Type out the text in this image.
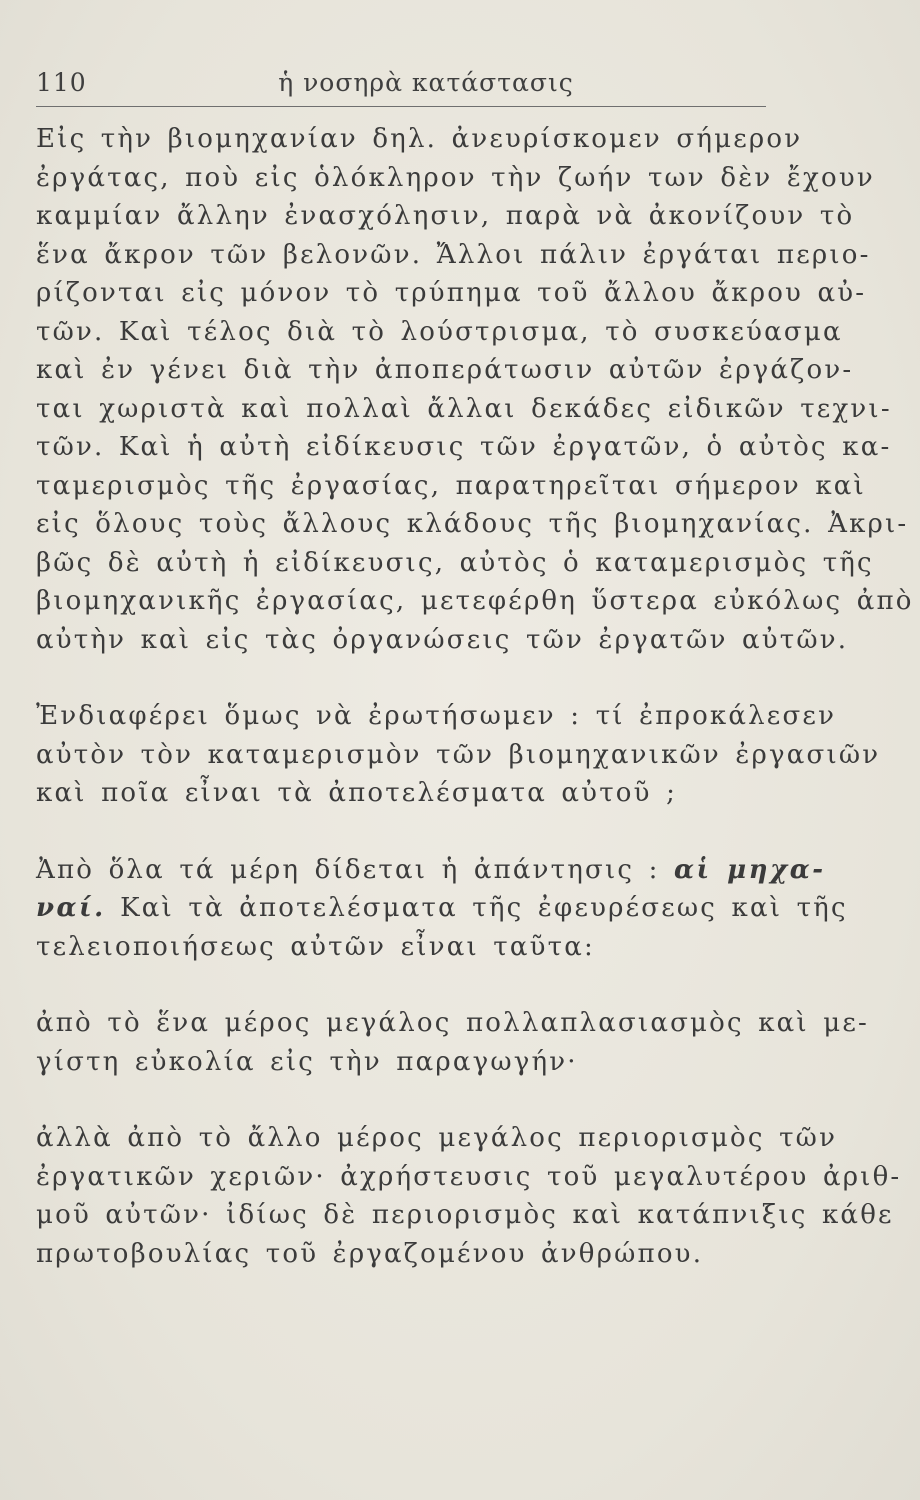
110	ἡ νοσηρὰ κατάστασις

Εἰς τὴν βιομηχανίαν δηλ. ἀνευρίσκομεν σήμερον
ἐργάτας, ποὺ εἰς ὁλόκληρον τὴν ζωήν των δὲν ἔχουν
καμμίαν ἄλλην ἐνασχόλησιν, παρὰ νὰ ἀκονίζουν τὸ
ἕνα ἄκρον τῶν βελονῶν. Ἄλλοι πάλιν ἐργάται περιο-
ρίζονται εἰς μόνον τὸ τρύπημα τοῦ ἄλλου ἄκρου αὐ-
τῶν. Καὶ τέλος διὰ τὸ λούστρισμα, τὸ συσκεύασμα
καὶ ἐν γένει διὰ τὴν ἀποπεράτωσιν αὐτῶν ἐργάζον-
ται χωριστὰ καὶ πολλαὶ ἄλλαι δεκάδες εἰδικῶν τεχνι-
τῶν. Καὶ ἡ αὐτὴ εἰδίκευσις τῶν ἐργατῶν, ὁ αὐτὸς κα-
ταμερισμὸς τῆς ἐργασίας, παρατηρεῖται σήμερον καὶ
εἰς ὅλους τοὺς ἄλλους κλάδους τῆς βιομηχανίας. Ἀκρι-
βῶς δὲ αὐτὴ ἡ εἰδίκευσις, αὐτὸς ὁ καταμερισμὸς τῆς
βιομηχανικῆς ἐργασίας, μετεφέρθη ὕστερα εὐκόλως ἀπὸ
αὐτὴν καὶ εἰς τὰς ὀργανώσεις τῶν ἐργατῶν αὐτῶν.

Ἐνδιαφέρει ὅμως νὰ ἐρωτήσωμεν : τί ἐπροκάλεσεν
αὐτὸν τὸν καταμερισμὸν τῶν βιομηχανικῶν ἐργασιῶν
καὶ ποῖα εἶναι τὰ ἀποτελέσματα αὐτοῦ ;

Ἀπὸ ὅλα τά μέρη δίδεται ἡ ἀπάντησις : αἱ μηχα-
ναί. Καὶ τὰ ἀποτελέσματα τῆς ἐφευρέσεως καὶ τῆς
τελειοποιήσεως αὐτῶν εἶναι ταῦτα:

ἀπὸ τὸ ἕνα μέρος μεγάλος πολλαπλασιασμὸς καὶ με-
γίστη εὐκολία εἰς τὴν παραγωγήν·

ἀλλὰ ἀπὸ τὸ ἄλλο μέρος μεγάλος περιορισμὸς τῶν
ἐργατικῶν χεριῶν· ἀχρήστευσις τοῦ μεγαλυτέρου ἀριθ-
μοῦ αὐτῶν· ἰδίως δὲ περιορισμὸς καὶ κατάπνιξις κάθε
πρωτοβουλίας τοῦ ἐργαζομένου ἀνθρώπου.
